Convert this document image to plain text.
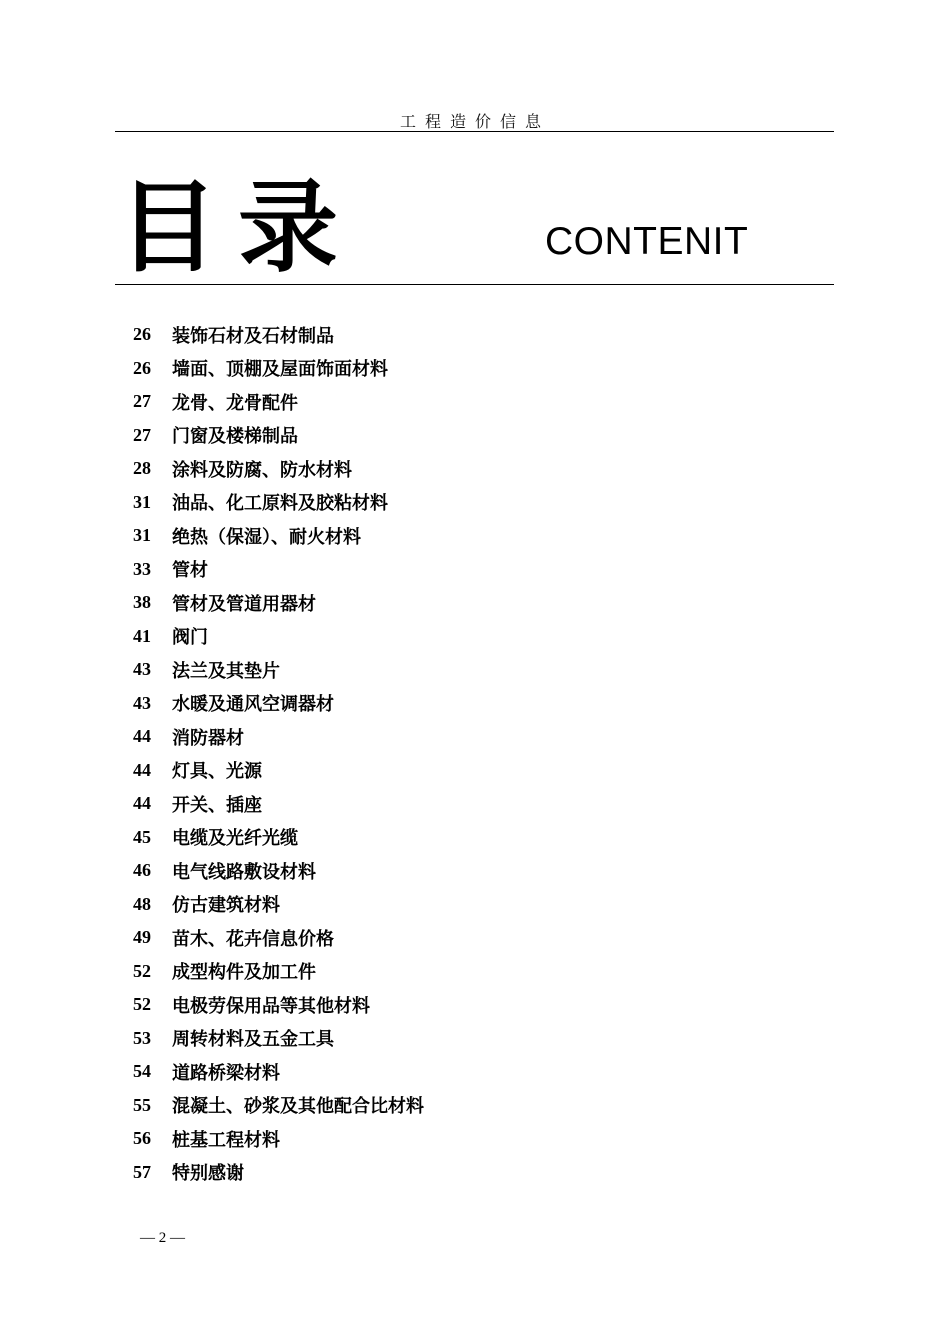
工程造价信息
目 录	CONTENIT
26	装饰石材及石材制品
26	墙面、顶棚及屋面饰面材料
27	龙骨、龙骨配件
27	门窗及楼梯制品
28	涂料及防腐、防水材料
31	油品、化工原料及胶粘材料
31	绝热（保湿）、耐火材料
33	管材
38	管材及管道用器材
41	阀门
43	法兰及其垫片
43	水暖及通风空调器材
44	消防器材
44	灯具、光源
44	开关、插座
45	电缆及光纤光缆
46	电气线路敷设材料
48	仿古建筑材料
49	苗木、花卉信息价格
52	成型构件及加工件
52	电极劳保用品等其他材料
53	周转材料及五金工具
54	道路桥梁材料
55	混凝土、砂浆及其他配合比材料
56	桩基工程材料
57	特别感谢
— 2 —
